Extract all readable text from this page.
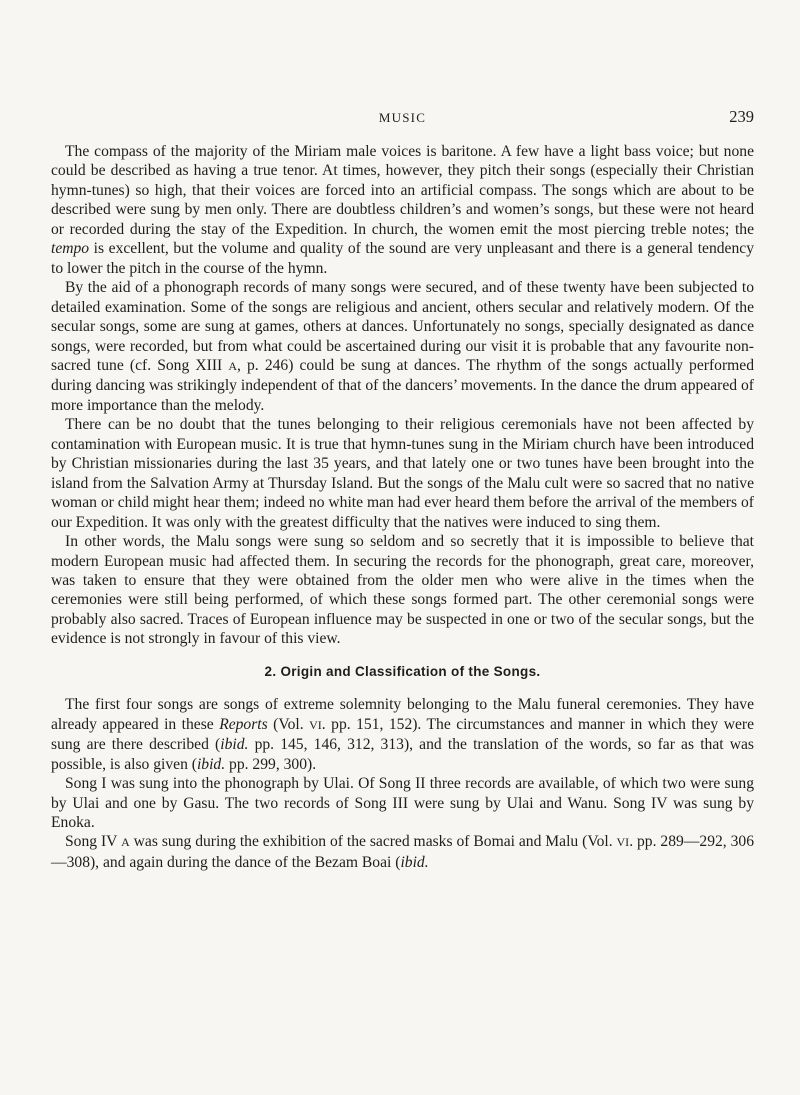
MUSIC	239

The compass of the majority of the Miriam male voices is baritone. A few have a light bass voice; but none could be described as having a true tenor. At times, however, they pitch their songs (especially their Christian hymn-tunes) so high, that their voices are forced into an artificial compass. The songs which are about to be described were sung by men only. There are doubtless children’s and women’s songs, but these were not heard or recorded during the stay of the Expedition. In church, the women emit the most piercing treble notes; the tempo is excellent, but the volume and quality of the sound are very unpleasant and there is a general tendency to lower the pitch in the course of the hymn.

By the aid of a phonograph records of many songs were secured, and of these twenty have been subjected to detailed examination. Some of the songs are religious and ancient, others secular and relatively modern. Of the secular songs, some are sung at games, others at dances. Unfortunately no songs, specially designated as dance songs, were recorded, but from what could be ascertained during our visit it is probable that any favourite non-sacred tune (cf. Song XIII A, p. 246) could be sung at dances. The rhythm of the songs actually performed during dancing was strikingly independent of that of the dancers’ movements. In the dance the drum appeared of more importance than the melody.

There can be no doubt that the tunes belonging to their religious ceremonials have not been affected by contamination with European music. It is true that hymn-tunes sung in the Miriam church have been introduced by Christian missionaries during the last 35 years, and that lately one or two tunes have been brought into the island from the Salvation Army at Thursday Island. But the songs of the Malu cult were so sacred that no native woman or child might hear them; indeed no white man had ever heard them before the arrival of the members of our Expedition. It was only with the greatest difficulty that the natives were induced to sing them.

In other words, the Malu songs were sung so seldom and so secretly that it is impossible to believe that modern European music had affected them. In securing the records for the phonograph, great care, moreover, was taken to ensure that they were obtained from the older men who were alive in the times when the ceremonies were still being performed, of which these songs formed part. The other ceremonial songs were probably also sacred. Traces of European influence may be suspected in one or two of the secular songs, but the evidence is not strongly in favour of this view.

2. Origin and Classification of the Songs.

The first four songs are songs of extreme solemnity belonging to the Malu funeral ceremonies. They have already appeared in these Reports (Vol. VI. pp. 151, 152). The circumstances and manner in which they were sung are there described (ibid. pp. 145, 146, 312, 313), and the translation of the words, so far as that was possible, is also given (ibid. pp. 299, 300).

Song I was sung into the phonograph by Ulai. Of Song II three records are available, of which two were sung by Ulai and one by Gasu. The two records of Song III were sung by Ulai and Wanu. Song IV was sung by Enoka.

Song IV A was sung during the exhibition of the sacred masks of Bomai and Malu (Vol. VI. pp. 289—292, 306—308), and again during the dance of the Bezam Boai (ibid.
